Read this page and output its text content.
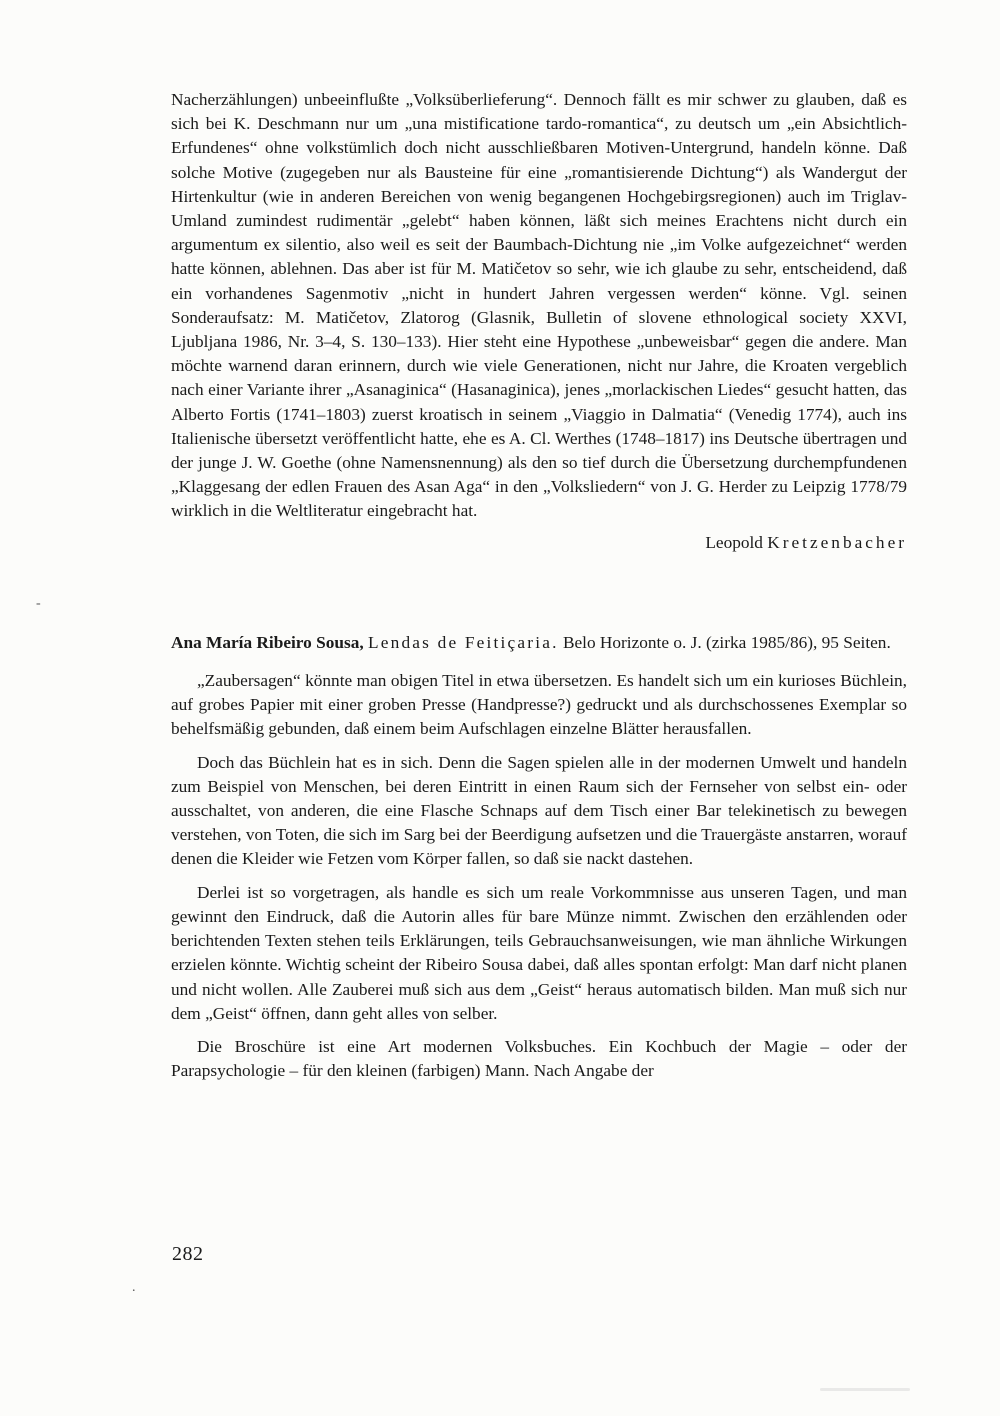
Nacherzählungen) unbeeinflußte „Volksüberlieferung“. Dennoch fällt es mir schwer zu glauben, daß es sich bei K. Deschmann nur um „una mistificatione tardo-romantica“, zu deutsch um „ein Absichtlich-Erfundenes“ ohne volkstümlich doch nicht ausschließbaren Motiven-Untergrund, handeln könne. Daß solche Motive (zugegeben nur als Bausteine für eine „romantisierende Dichtung“) als Wandergut der Hirtenkultur (wie in anderen Bereichen von wenig begangenen Hochgebirgsregionen) auch im Triglav-Umland zumindest rudimentär „gelebt“ haben können, läßt sich meines Erachtens nicht durch ein argumentum ex silentio, also weil es seit der Baumbach-Dichtung nie „im Volke aufgezeichnet“ werden hatte können, ablehnen. Das aber ist für M. Matičetov so sehr, wie ich glaube zu sehr, entscheidend, daß ein vorhandenes Sagenmotiv „nicht in hundert Jahren vergessen werden“ könne. Vgl. seinen Sonderaufsatz: M. Matičetov, Zlatorog (Glasnik, Bulletin of slovene ethnological society XXVI, Ljubljana 1986, Nr. 3–4, S. 130–133). Hier steht eine Hypothese „unbeweisbar“ gegen die andere. Man möchte warnend daran erinnern, durch wie viele Generationen, nicht nur Jahre, die Kroaten vergeblich nach einer Variante ihrer „Asanaginica“ (Hasanaginica), jenes „morlackischen Liedes“ gesucht hatten, das Alberto Fortis (1741–1803) zuerst kroatisch in seinem „Viaggio in Dalmatia“ (Venedig 1774), auch ins Italienische übersetzt veröffentlicht hatte, ehe es A. Cl. Werthes (1748–1817) ins Deutsche übertragen und der junge J. W. Goethe (ohne Namensnennung) als den so tief durch die Übersetzung durchempfundenen „Klaggesang der edlen Frauen des Asan Aga“ in den „Volksliedern“ von J. G. Herder zu Leipzig 1778/79 wirklich in die Weltliteratur eingebracht hat.

Leopold Kretzenbacher

Ana María Ribeiro Sousa, Lendas de Feitiçaria. Belo Horizonte o. J. (zirka 1985/86), 95 Seiten.

„Zaubersagen“ könnte man obigen Titel in etwa übersetzen. Es handelt sich um ein kurioses Büchlein, auf grobes Papier mit einer groben Presse (Handpresse?) gedruckt und als durchschossenes Exemplar so behelfsmäßig gebunden, daß einem beim Aufschlagen einzelne Blätter herausfallen.

Doch das Büchlein hat es in sich. Denn die Sagen spielen alle in der modernen Umwelt und handeln zum Beispiel von Menschen, bei deren Eintritt in einen Raum sich der Fernseher von selbst ein- oder ausschaltet, von anderen, die eine Flasche Schnaps auf dem Tisch einer Bar telekinetisch zu bewegen verstehen, von Toten, die sich im Sarg bei der Beerdigung aufsetzen und die Trauergäste anstarren, worauf denen die Kleider wie Fetzen vom Körper fallen, so daß sie nackt dastehen.

Derlei ist so vorgetragen, als handle es sich um reale Vorkommnisse aus unseren Tagen, und man gewinnt den Eindruck, daß die Autorin alles für bare Münze nimmt. Zwischen den erzählenden oder berichtenden Texten stehen teils Erklärungen, teils Gebrauchsanweisungen, wie man ähnliche Wirkungen erzielen könnte. Wichtig scheint der Ribeiro Sousa dabei, daß alles spontan erfolgt: Man darf nicht planen und nicht wollen. Alle Zauberei muß sich aus dem „Geist“ heraus automatisch bilden. Man muß sich nur dem „Geist“ öffnen, dann geht alles von selber.

Die Broschüre ist eine Art modernen Volksbuches. Ein Kochbuch der Magie – oder der Parapsychologie – für den kleinen (farbigen) Mann. Nach Angabe der

282
-
.
